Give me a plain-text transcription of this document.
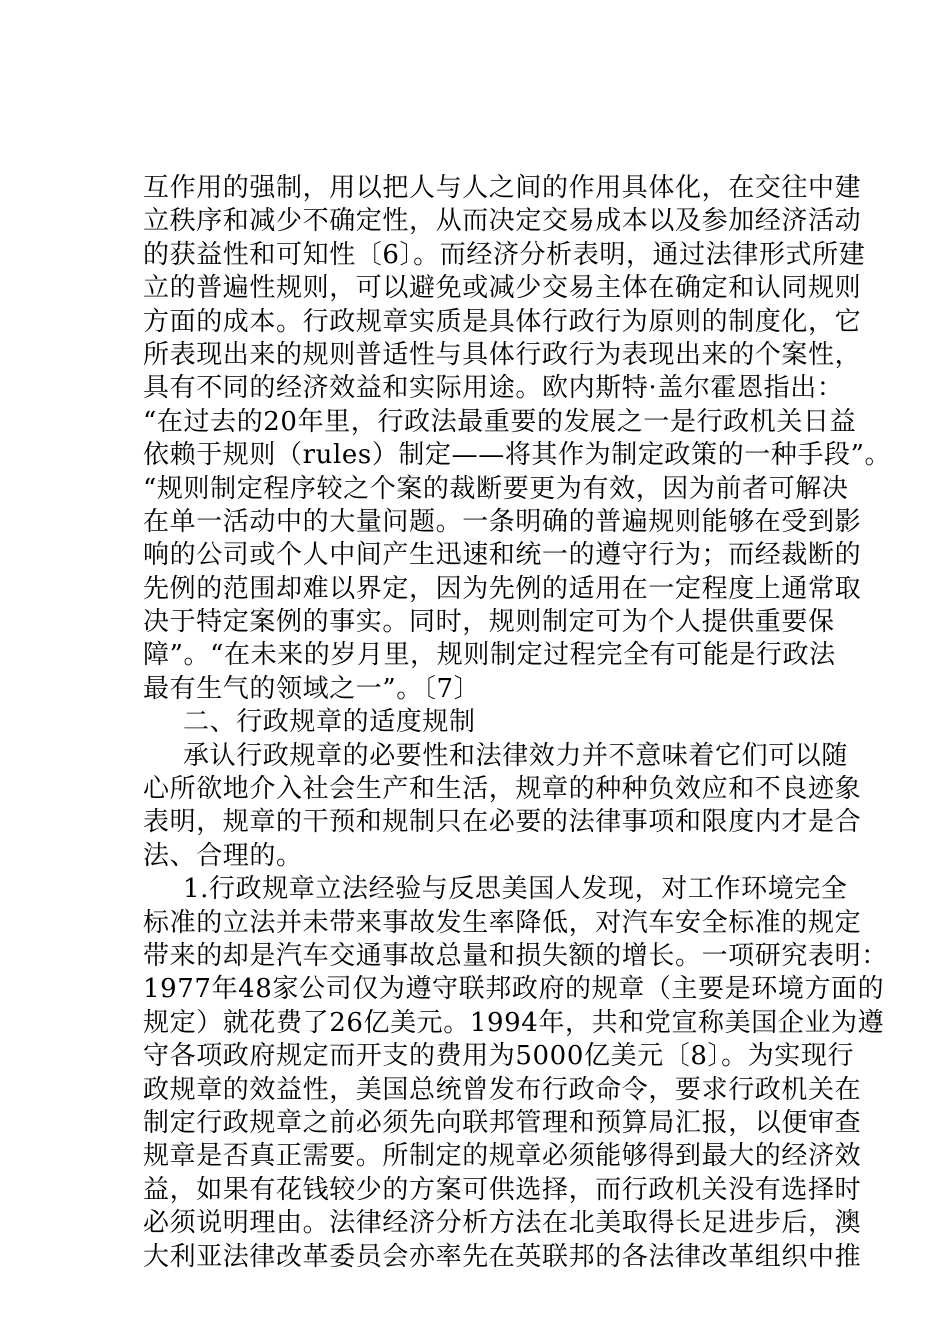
互作用的强制，用以把人与人之间的作用具体化，在交往中建
立秩序和减少不确定性，从而决定交易成本以及参加经济活动
的获益性和可知性〔6〕。而经济分析表明，通过法律形式所建
立的普遍性规则，可以避免或减少交易主体在确定和认同规则
方面的成本。行政规章实质是具体行政行为原则的制度化，它
所表现出来的规则普适性与具体行政行为表现出来的个案性，
具有不同的经济效益和实际用途。欧内斯特·盖尔霍恩指出：
“在过去的20年里，行政法最重要的发展之一是行政机关日益
依赖于规则（rules）制定——将其作为制定政策的一种手段”。
“规则制定程序较之个案的裁断要更为有效，因为前者可解决
在单一活动中的大量问题。一条明确的普遍规则能够在受到影
响的公司或个人中间产生迅速和统一的遵守行为；而经裁断的
先例的范围却难以界定，因为先例的适用在一定程度上通常取
决于特定案例的事实。同时，规则制定可为个人提供重要保
障”。“在未来的岁月里，规则制定过程完全有可能是行政法
最有生气的领域之一”。〔7〕
二、行政规章的适度规制
承认行政规章的必要性和法律效力并不意味着它们可以随
心所欲地介入社会生产和生活，规章的种种负效应和不良迹象
表明，规章的干预和规制只在必要的法律事项和限度内才是合
法、合理的。
1.行政规章立法经验与反思美国人发现，对工作环境完全
标准的立法并未带来事故发生率降低，对汽车安全标准的规定
带来的却是汽车交通事故总量和损失额的增长。一项研究表明：
1977年48家公司仅为遵守联邦政府的规章（主要是环境方面的
规定）就花费了26亿美元。1994年，共和党宣称美国企业为遵
守各项政府规定而开支的费用为5000亿美元〔8〕。为实现行
政规章的效益性，美国总统曾发布行政命令，要求行政机关在
制定行政规章之前必须先向联邦管理和预算局汇报，以便审查
规章是否真正需要。所制定的规章必须能够得到最大的经济效
益，如果有花钱较少的方案可供选择，而行政机关没有选择时
必须说明理由。法律经济分析方法在北美取得长足进步后，澳
大利亚法律改革委员会亦率先在英联邦的各法律改革组织中推
